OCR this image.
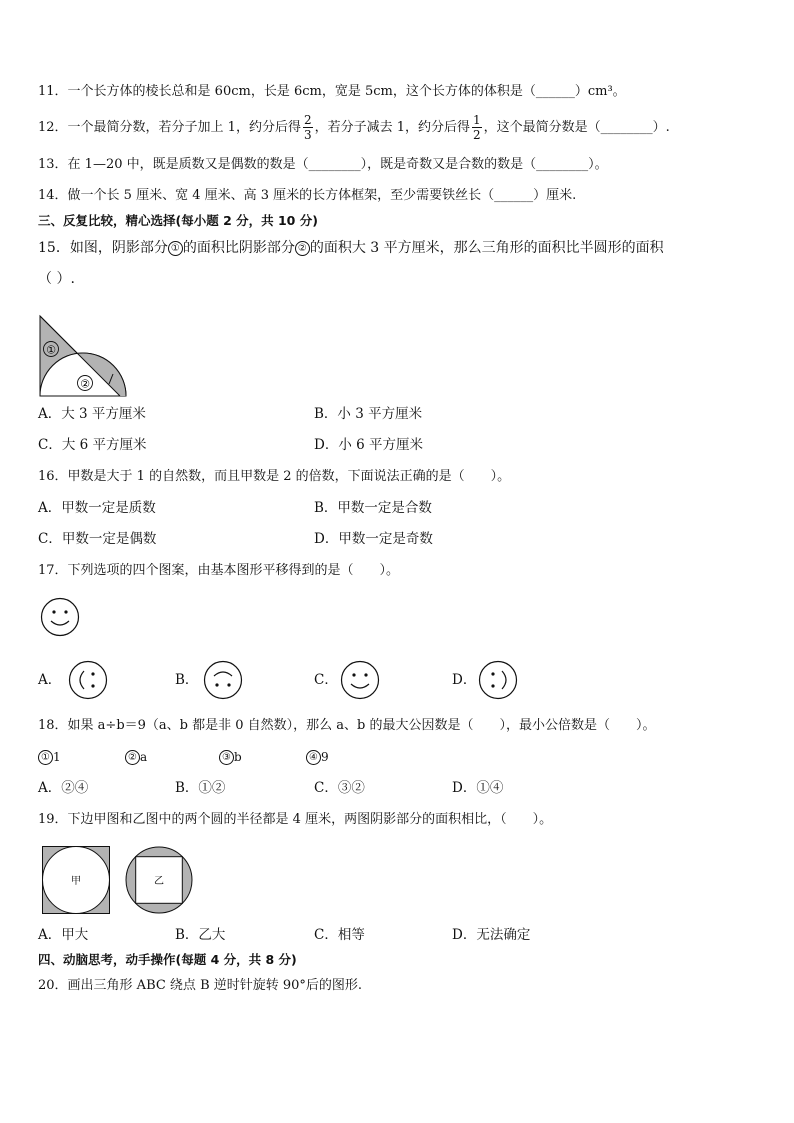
11．一个长方体的棱长总和是 60cm，长是 6cm，宽是 5cm，这个长方体的体积是（______）cm³。
12．一个最简分数，若分子加上 1，约分后得 $\frac{2}{3}$ ，若分子减去 1，约分后得 $\frac{1}{2}$ ，这个最简分数是（________）.
13．在 1—20 中，既是质数又是偶数的数是（________），既是奇数又是合数的数是（________）。
14．做一个长 5 厘米、宽 4 厘米、高 3 厘米的长方体框架，至少需要铁丝长（______）厘米.
三、反复比较，精心选择(每小题 2 分，共 10 分)
15．如图，阴影部分 ① 的面积比阴影部分 ② 的面积大 3 平方厘米，那么三角形的面积比半圆形的面积
（ ）.
①
②
A．大 3 平方厘米	B．小 3 平方厘米
C．大 6 平方厘米	D．小 6 平方厘米
16．甲数是大于 1 的自然数，而且甲数是 2 的倍数，下面说法正确的是（　　）。
A．甲数一定是质数	B．甲数一定是合数
C．甲数一定是偶数	D．甲数一定是奇数
17．下列选项的四个图案，由基本图形平移得到的是（　　）。
A．	B．	C．	D．
18．如果 a÷b＝9（a、b 都是非 0 自然数），那么 a、b 的最大公因数是（　　），最小公倍数是（　　）。
① 1	② a	③ b	④ 9
A．②④	B．①②	C．③②	D．①④
19．下边甲图和乙图中的两个圆的半径都是 4 厘米，两图阴影部分的面积相比，（　　）。
甲	乙
A．甲大	B．乙大	C．相等	D．无法确定
四、动脑思考，动手操作(每题 4 分，共 8 分)
20．画出三角形 ABC 绕点 B 逆时针旋转 90°后的图形.
